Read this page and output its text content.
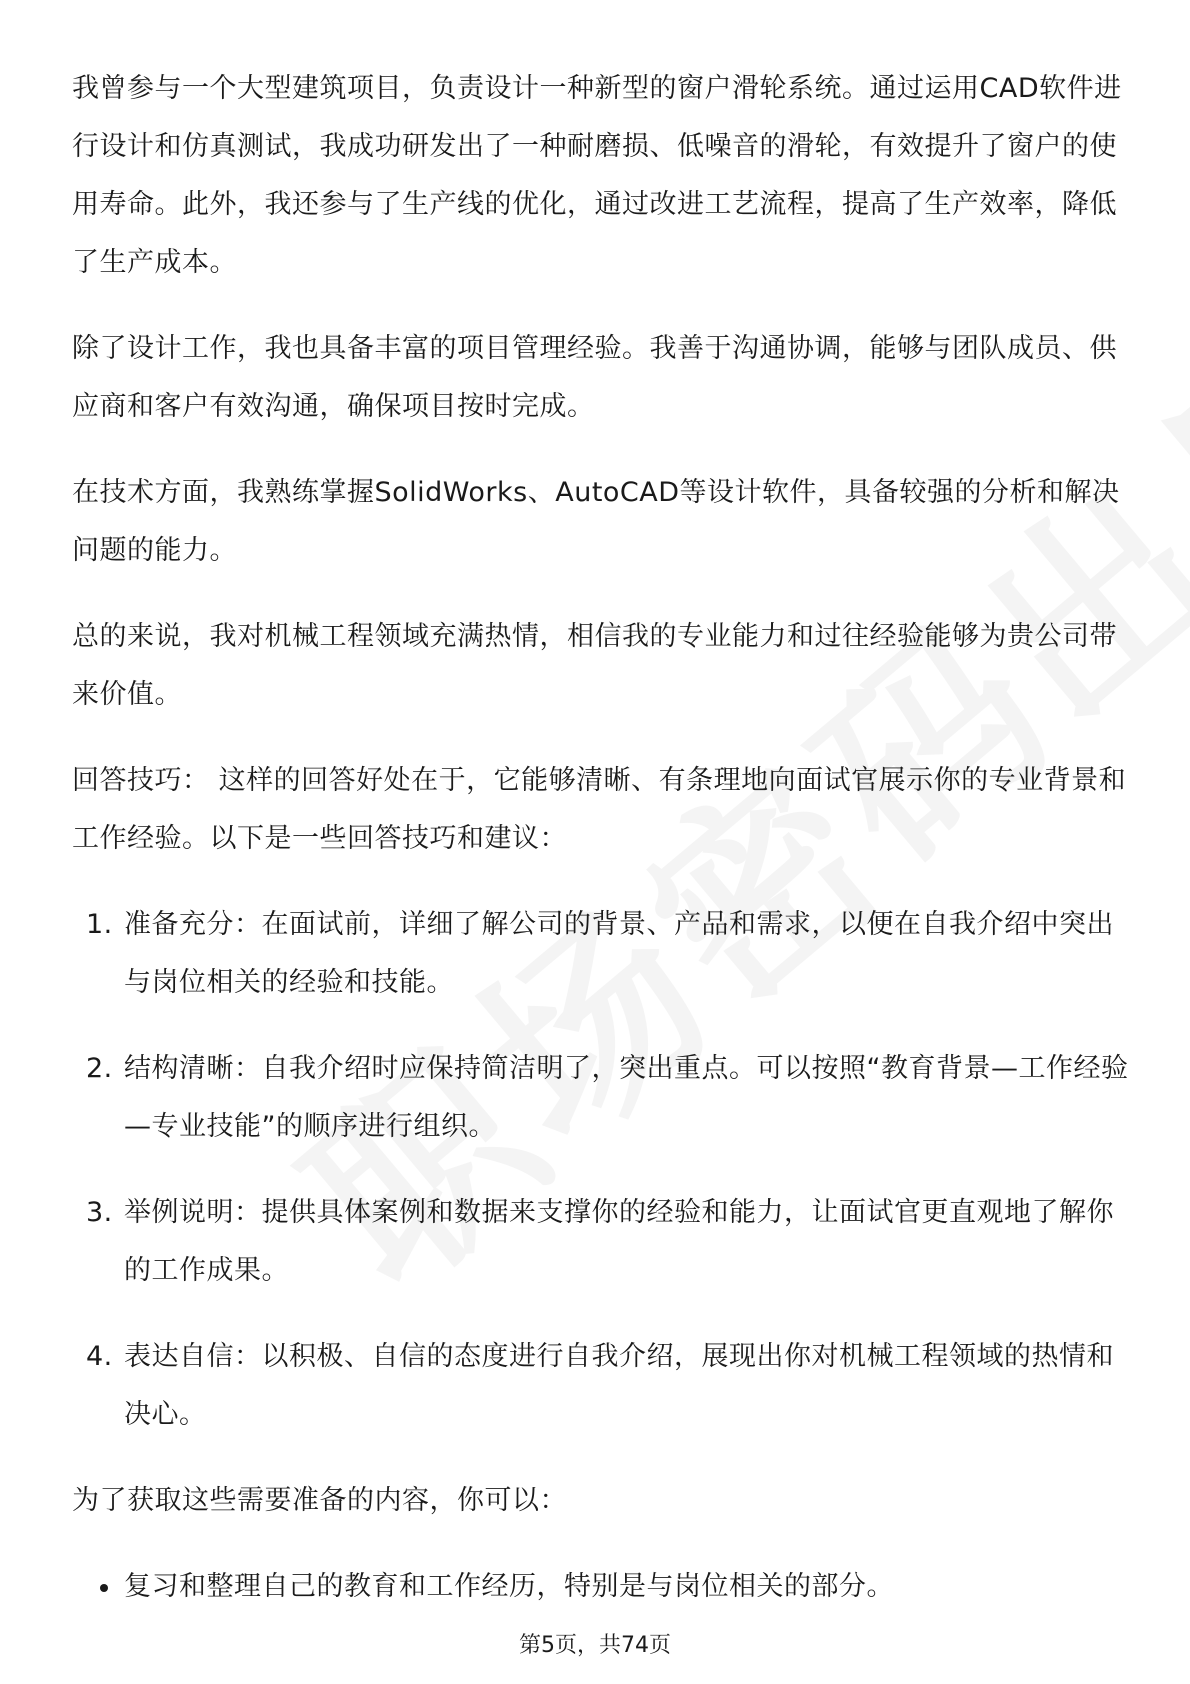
我曾参与一个大型建筑项目，负责设计一种新型的窗户滑轮系统。通过运用CAD软件进行设计和仿真测试，我成功研发出了一种耐磨损、低噪音的滑轮，有效提升了窗户的使用寿命。此外，我还参与了生产线的优化，通过改进工艺流程，提高了生产效率，降低了生产成本。

除了设计工作，我也具备丰富的项目管理经验。我善于沟通协调，能够与团队成员、供应商和客户有效沟通，确保项目按时完成。

在技术方面，我熟练掌握SolidWorks、AutoCAD等设计软件，具备较强的分析和解决问题的能力。

总的来说，我对机械工程领域充满热情，相信我的专业能力和过往经验能够为贵公司带来价值。

回答技巧： 这样的回答好处在于，它能够清晰、有条理地向面试官展示你的专业背景和工作经验。以下是一些回答技巧和建议：

1. 准备充分：在面试前，详细了解公司的背景、产品和需求，以便在自我介绍中突出与岗位相关的经验和技能。
2. 结构清晰：自我介绍时应保持简洁明了，突出重点。可以按照“教育背景—工作经验—专业技能”的顺序进行组织。
3. 举例说明：提供具体案例和数据来支撑你的经验和能力，让面试官更直观地了解你的工作成果。
4. 表达自信：以积极、自信的态度进行自我介绍，展现出你对机械工程领域的热情和决心。

为了获取这些需要准备的内容，你可以：

复习和整理自己的教育和工作经历，特别是与岗位相关的部分。
第5页，共74页
